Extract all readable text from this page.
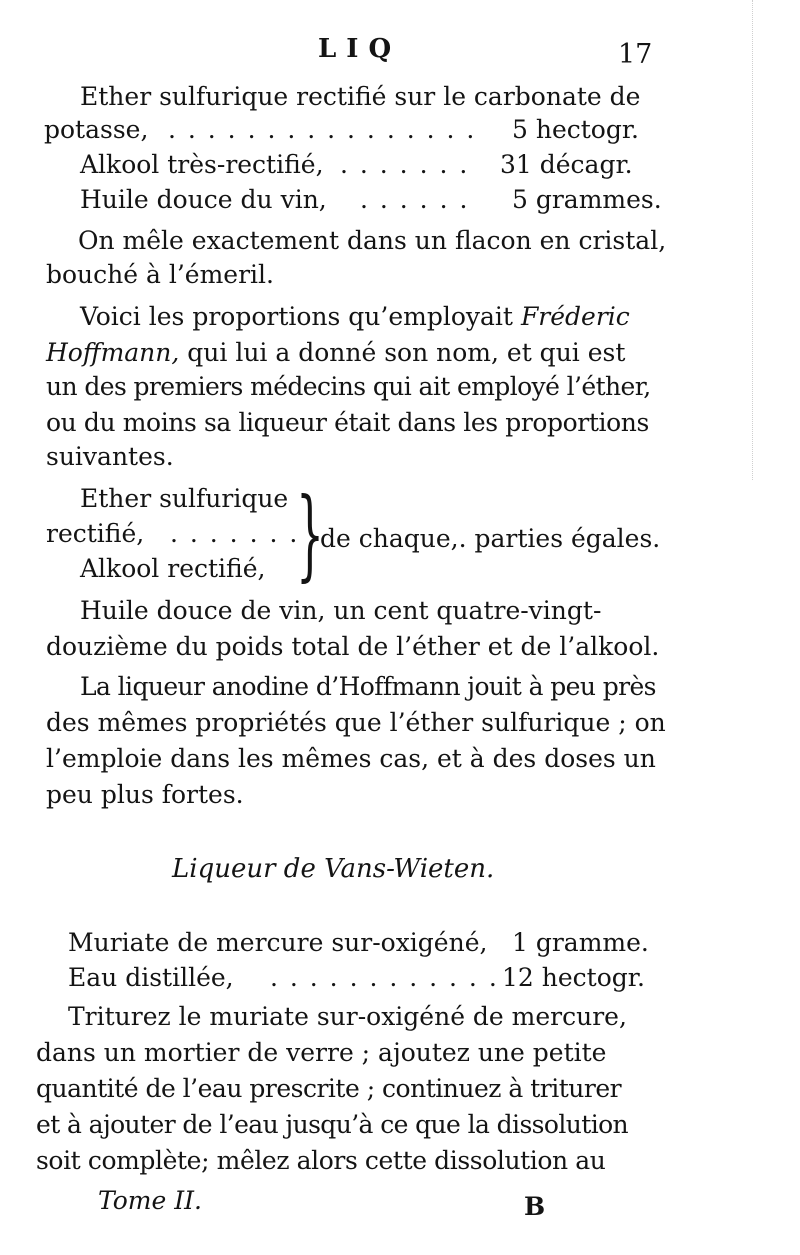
LIQ	17
Ether sulfurique rectifié sur le carbonate de
potasse, . . . . . . . . . . . . . . . . 5 hectogr.
Alkool très-rectifié, . . . . . . . 31 décagr.
Huile douce du vin, . . . . . . 5 grammes.
On mêle exactement dans un flacon en cristal,
bouché à l’émeril.
Voici les proportions qu’employait Fréderic
Hoffmann, qui lui a donné son nom, et qui est
un des premiers médecins qui ait employé l’éther,
ou du moins sa liqueur était dans les proportions
suivantes.
Ether sulfurique
rectifié, . . . . . . .
Alkool rectifié, }
de chaque,. parties égales.
Huile douce de vin, un cent quatre-vingt-
douzième du poids total de l’éther et de l’alkool.
La liqueur anodine d’Hoffmann jouit à peu près
des mêmes propriétés que l’éther sulfurique ; on
l’emploie dans les mêmes cas, et à des doses un
peu plus fortes.
Liqueur de Vans-Wieten.
Muriate de mercure sur-oxigéné, 1 gramme.
Eau distillée, . . . . . . . . . . . . 12 hectogr.
Triturez le muriate sur-oxigéné de mercure,
dans un mortier de verre ; ajoutez une petite
quantité de l’eau prescrite ; continuez à triturer
et à ajouter de l’eau jusqu’à ce que la dissolution
soit complète; mêlez alors cette dissolution au
Tome II.	B
